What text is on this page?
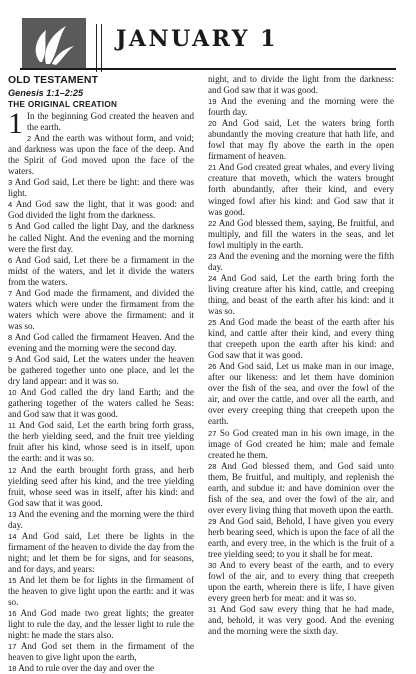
JANUARY 1
OLD TESTAMENT
Genesis 1:1–2:25
THE ORIGINAL CREATION

1 In the beginning God created the heaven and the earth.

2 And the earth was without form, and void; and darkness was upon the face of the deep. And the Spirit of God moved upon the face of the waters.

3 And God said, Let there be light: and there was light.

4 And God saw the light, that it was good: and God divided the light from the darkness.

5 And God called the light Day, and the darkness he called Night. And the evening and the morning were the first day.

6 And God said, Let there be a firmament in the midst of the waters, and let it divide the waters from the waters.

7 And God made the firmament, and divided the waters which were under the firmament from the waters which were above the firmament: and it was so.

8 And God called the firmament Heaven. And the evening and the morning were the second day.

9 And God said, Let the waters under the heaven be gathered together unto one place, and let the dry land appear: and it was so.

10 And God called the dry land Earth; and the gathering together of the waters called he Seas: and God saw that it was good.

11 And God said, Let the earth bring forth grass, the herb yielding seed, and the fruit tree yielding fruit after his kind, whose seed is in itself, upon the earth: and it was so.

12 And the earth brought forth grass, and herb yielding seed after his kind, and the tree yielding fruit, whose seed was in itself, after his kind: and God saw that it was good.

13 And the evening and the morning were the third day.

14 And God said, Let there be lights in the firmament of the heaven to divide the day from the night; and let them be for signs, and for seasons, and for days, and years:

15 And let them be for lights in the firmament of the heaven to give light upon the earth: and it was so.

16 And God made two great lights; the greater light to rule the day, and the lesser light to rule the night: he made the stars also.

17 And God set them in the firmament of the heaven to give light upon the earth,

18 And to rule over the day and over the

night, and to divide the light from the darkness: and God saw that it was good.

19 And the evening and the morning were the fourth day.

20 And God said, Let the waters bring forth abundantly the moving creature that hath life, and fowl that may fly above the earth in the open firmament of heaven.

21 And God created great whales, and every living creature that moveth, which the waters brought forth abundantly, after their kind, and every winged fowl after his kind: and God saw that it was good.

22 And God blessed them, saying, Be fruitful, and multiply, and fill the waters in the seas, and let fowl multiply in the earth.

23 And the evening and the morning were the fifth day.

24 And God said, Let the earth bring forth the living creature after his kind, cattle, and creeping thing, and beast of the earth after his kind: and it was so.

25 And God made the beast of the earth after his kind, and cattle after their kind, and every thing that creepeth upon the earth after his kind: and God saw that it was good.

26 And God said, Let us make man in our image, after our likeness: and let them have dominion over the fish of the sea, and over the fowl of the air, and over the cattle, and over all the earth, and over every creeping thing that creepeth upon the earth.

27 So God created man in his own image, in the image of God created he him; male and female created he them.

28 And God blessed them, and God said unto them, Be fruitful, and multiply, and replenish the earth, and subdue it: and have dominion over the fish of the sea, and over the fowl of the air, and over every living thing that moveth upon the earth.

29 And God said, Behold, I have given you every herb bearing seed, which is upon the face of all the earth, and every tree, in the which is the fruit of a tree yielding seed; to you it shall be for meat.

30 And to every beast of the earth, and to every fowl of the air, and to every thing that creepeth upon the earth, wherein there is life, I have given every green herb for meat: and it was so.

31 And God saw every thing that he had made, and, behold, it was very good. And the evening and the morning were the sixth day.
